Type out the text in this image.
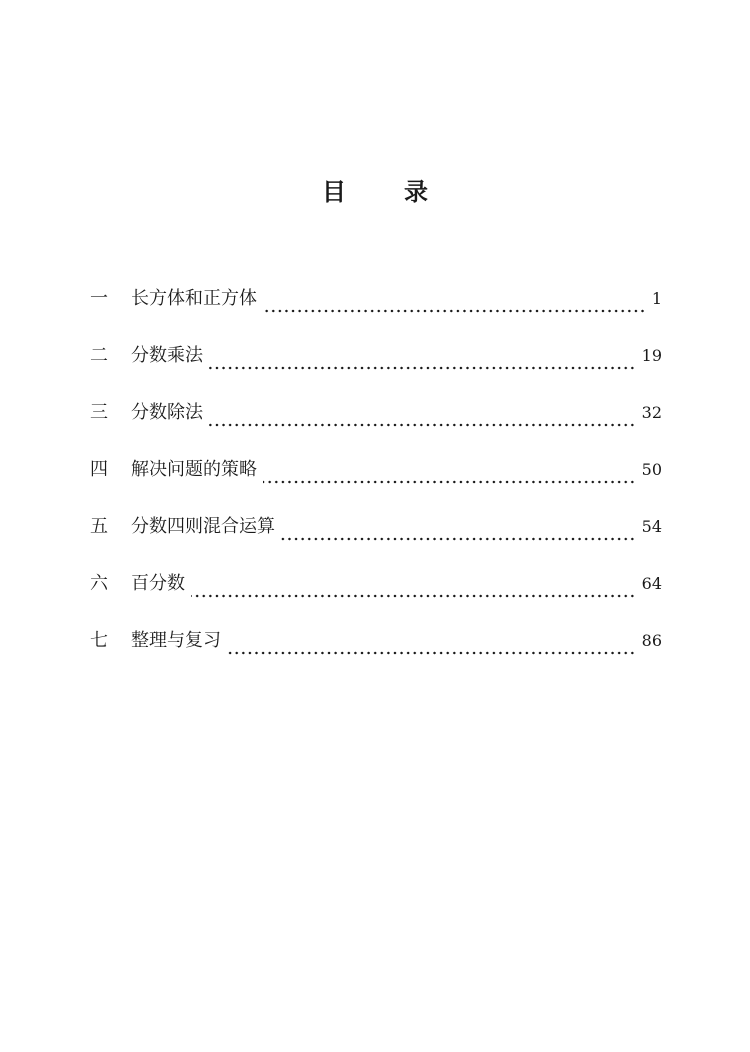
目 录
一	长方体和正方体	1
二	分数乘法	19
三	分数除法	32
四	解决问题的策略	50
五	分数四则混合运算	54
六	百分数	64
七	整理与复习	86
